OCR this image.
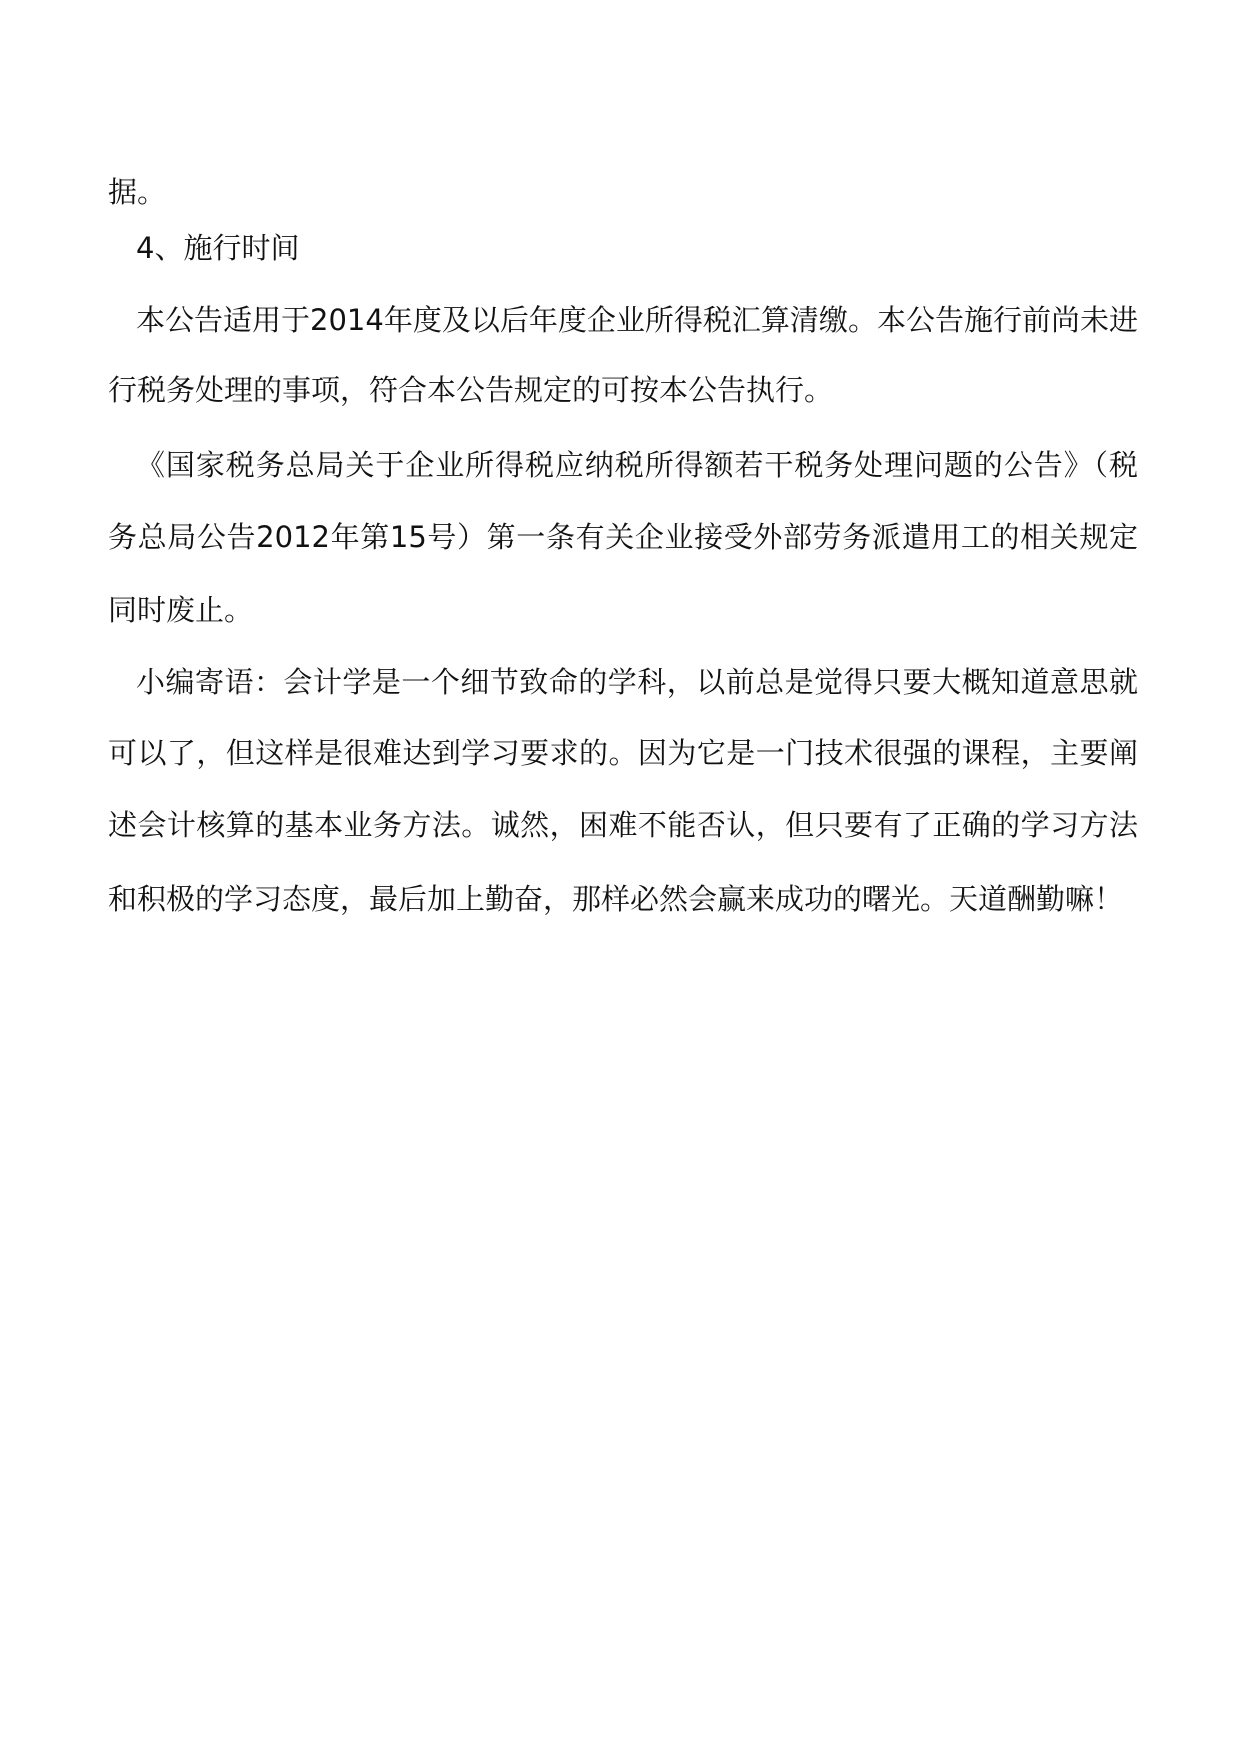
据。
4、施行时间
本公告适用于2014年度及以后年度企业所得税汇算清缴。本公告施行前尚未进
行税务处理的事项，符合本公告规定的可按本公告执行。
《国家税务总局关于企业所得税应纳税所得额若干税务处理问题的公告》（税
务总局公告2012年第15号）第一条有关企业接受外部劳务派遣用工的相关规定
同时废止。
小编寄语：会计学是一个细节致命的学科，以前总是觉得只要大概知道意思就
可以了，但这样是很难达到学习要求的。因为它是一门技术很强的课程，主要阐
述会计核算的基本业务方法。诚然，困难不能否认，但只要有了正确的学习方法
和积极的学习态度，最后加上勤奋，那样必然会赢来成功的曙光。天道酬勤嘛！
